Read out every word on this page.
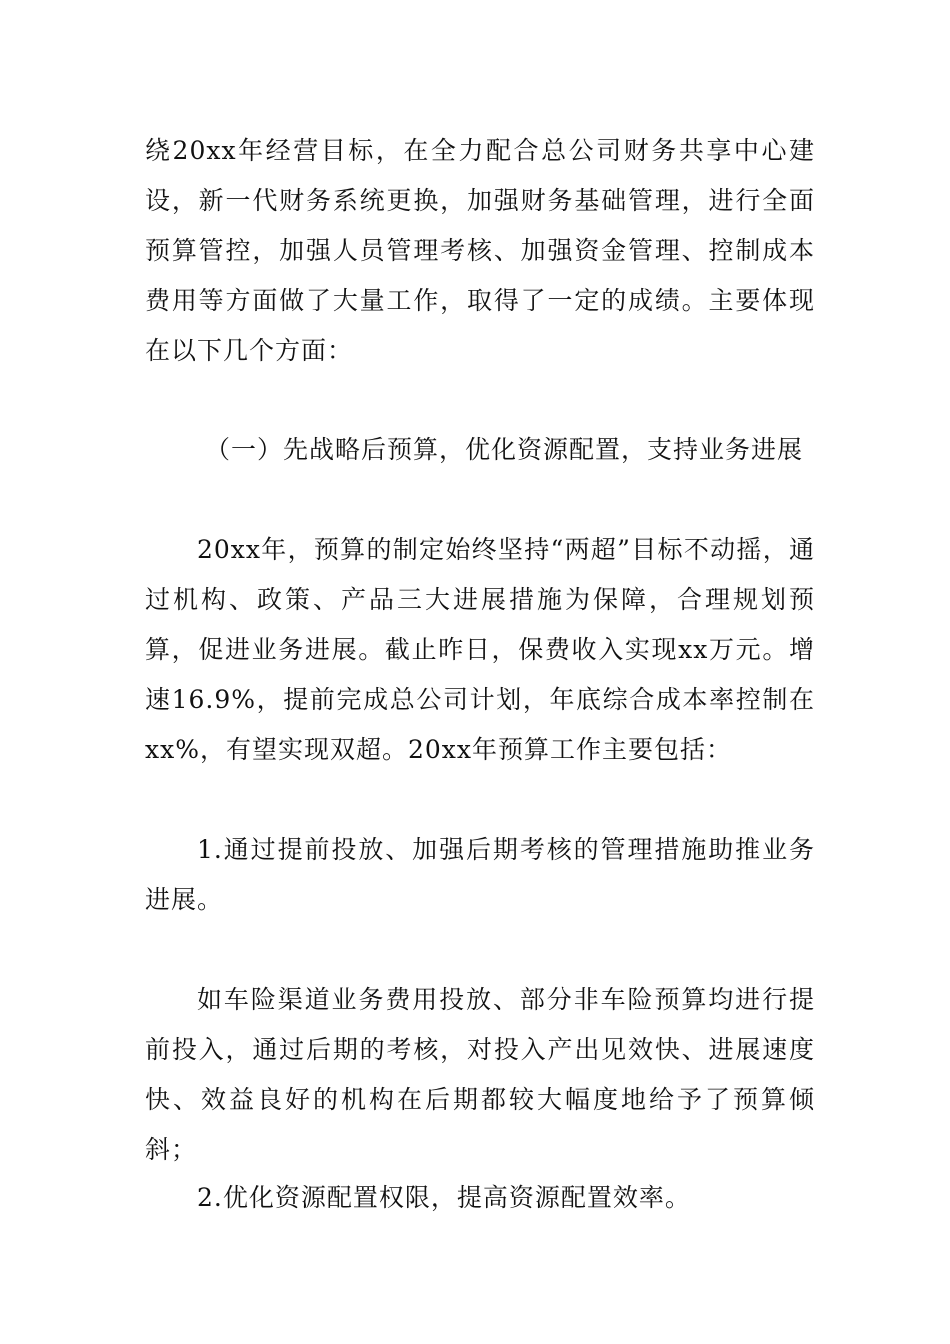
绕20xx年经营目标，在全力配合总公司财务共享中心建设，新一代财务系统更换，加强财务基础管理，进行全面预算管控，加强人员管理考核、加强资金管理、控制成本费用等方面做了大量工作，取得了一定的成绩。主要体现在以下几个方面：

（一）先战略后预算，优化资源配置，支持业务进展

20xx年，预算的制定始终坚持“两超”目标不动摇，通过机构、政策、产品三大进展措施为保障，合理规划预算，促进业务进展。截止昨日，保费收入实现xx万元。增速16.9%，提前完成总公司计划，年底综合成本率控制在xx%，有望实现双超。20xx年预算工作主要包括：

1.通过提前投放、加强后期考核的管理措施助推业务进展。

如车险渠道业务费用投放、部分非车险预算均进行提前投入，通过后期的考核，对投入产出见效快、进展速度快、效益良好的机构在后期都较大幅度地给予了预算倾斜；

2.优化资源配置权限，提高资源配置效率。
